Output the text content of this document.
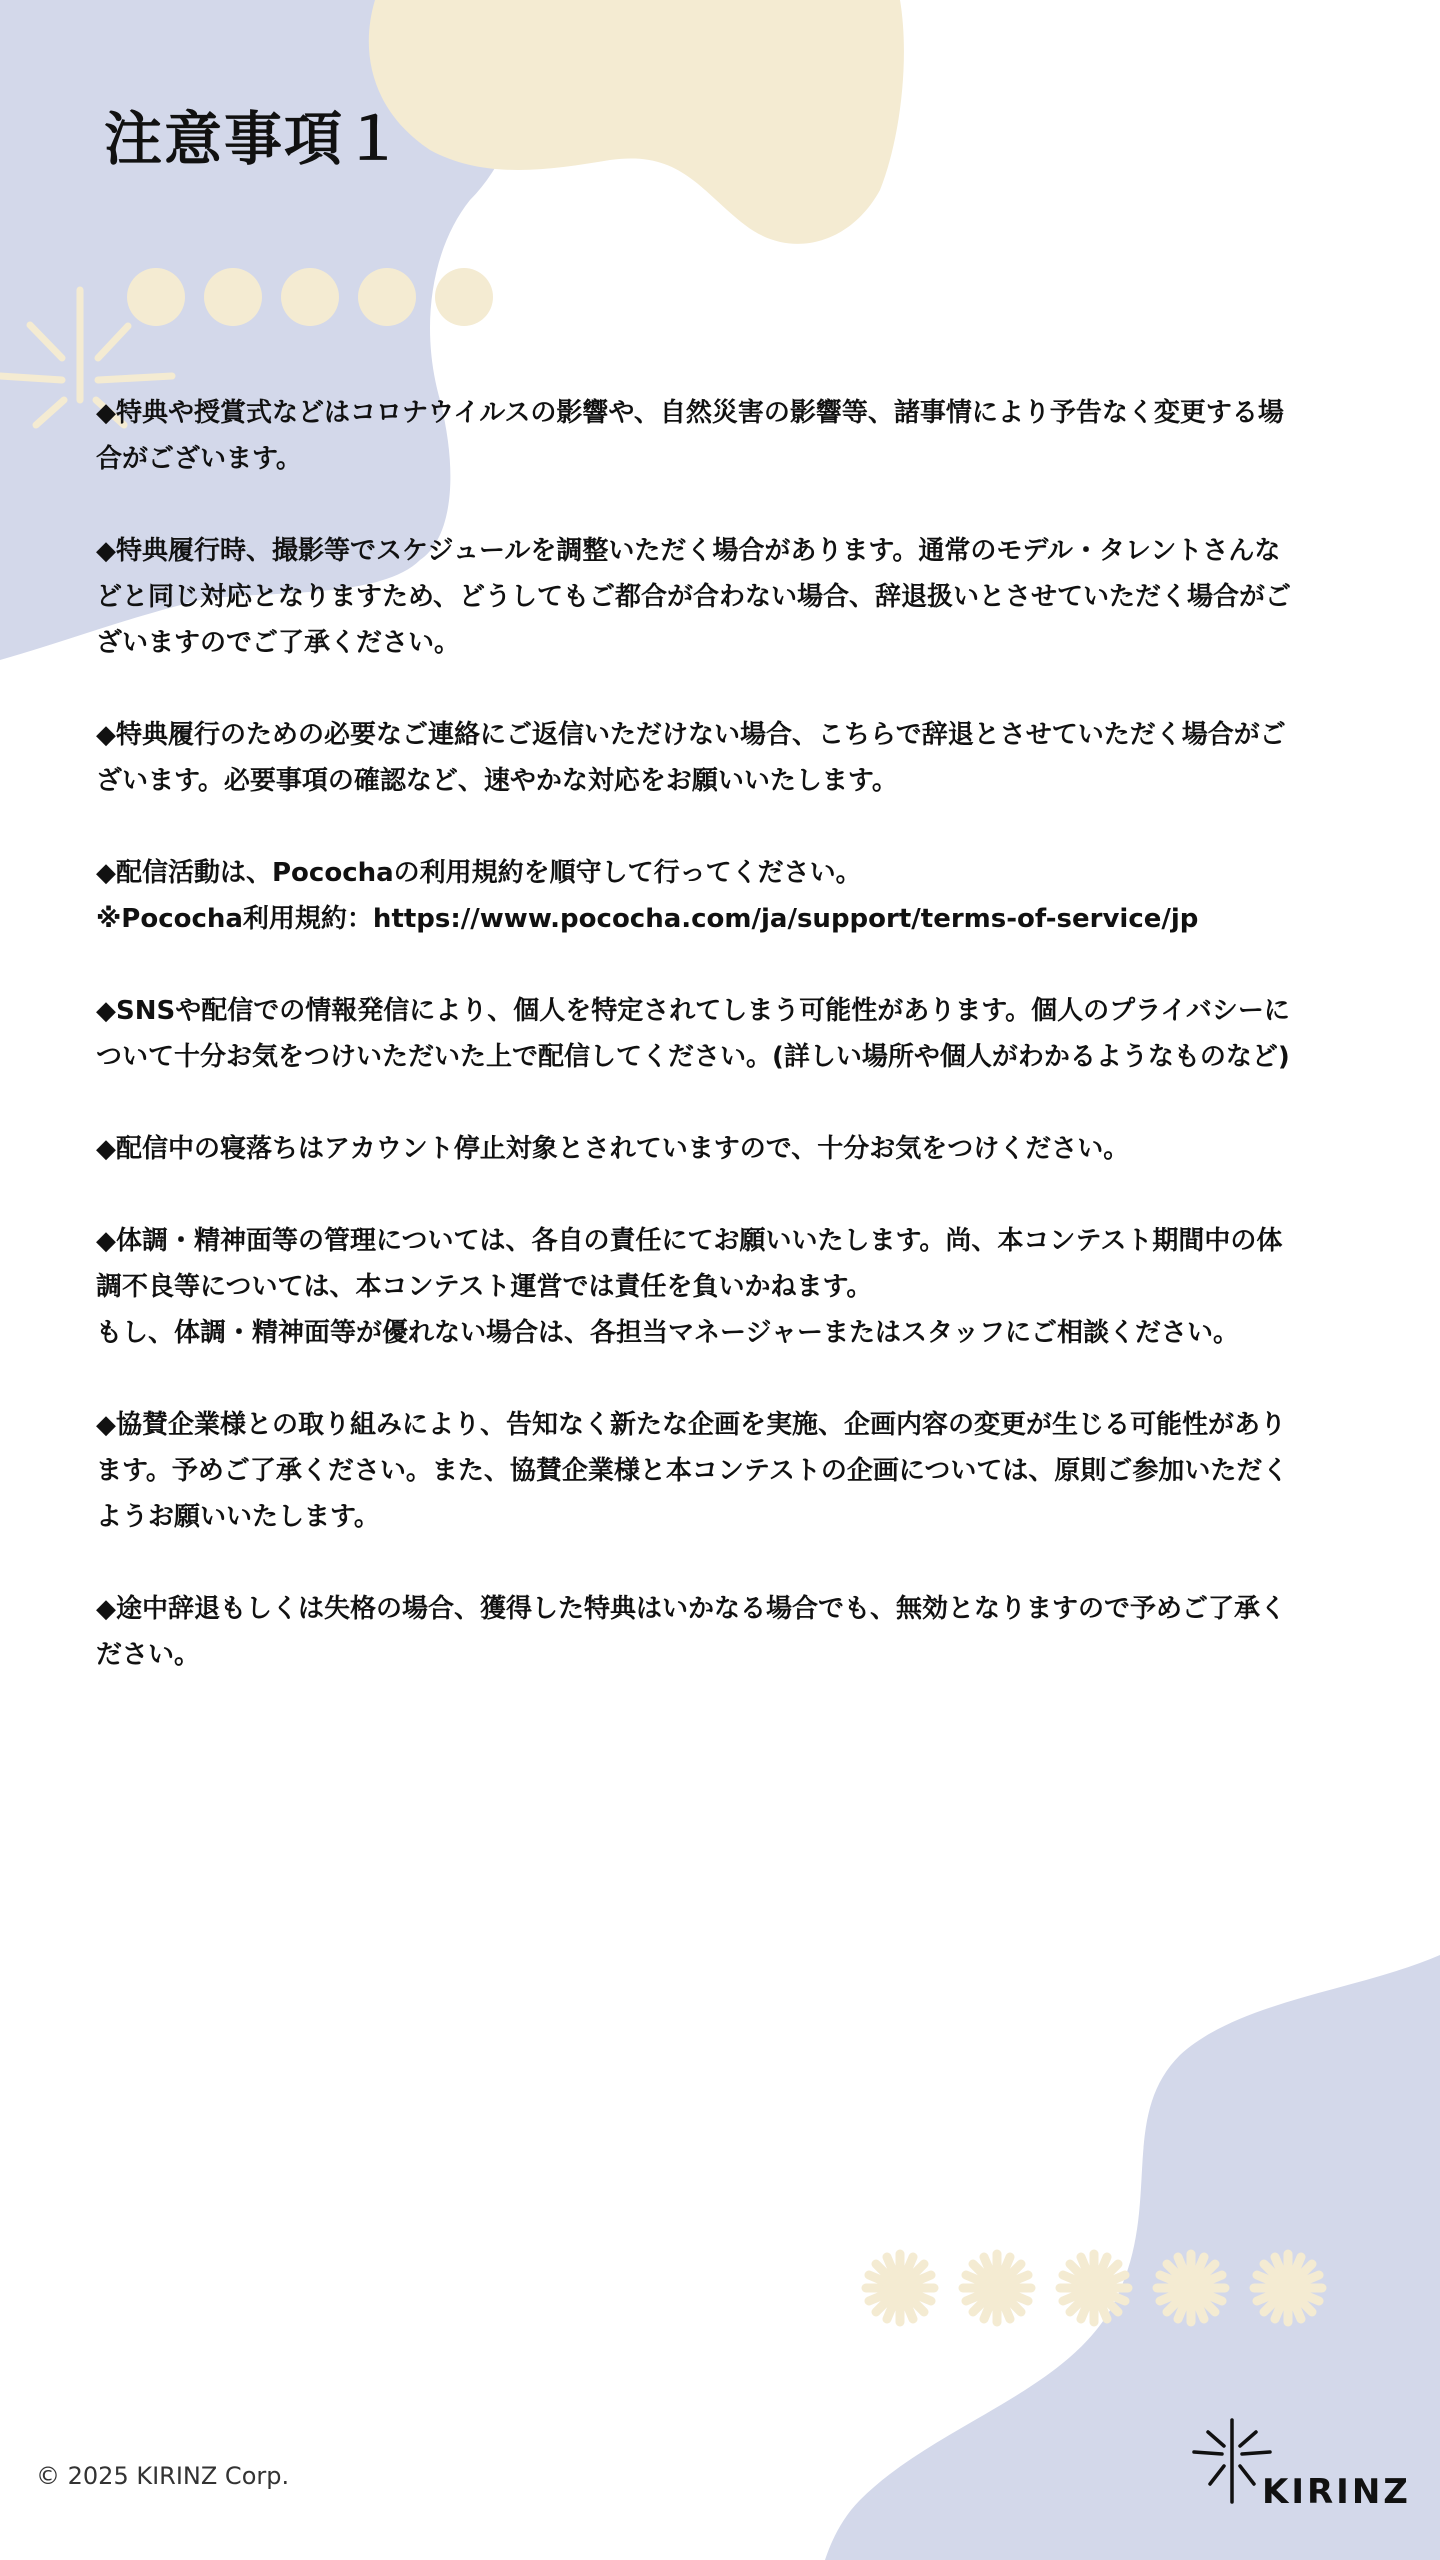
注意事項１

◆特典や授賞式などはコロナウイルスの影響や、自然災害の影響等、諸事情により予告なく変更する場
合がございます。

◆特典履行時、撮影等でスケジュールを調整いただく場合があります。通常のモデル・タレントさんな
どと同じ対応となりますため、どうしてもご都合が合わない場合、辞退扱いとさせていただく場合がご
ざいますのでご了承ください。

◆特典履行のための必要なご連絡にご返信いただけない場合、こちらで辞退とさせていただく場合がご
ざいます。必要事項の確認など、速やかな対応をお願いいたします。

◆配信活動は、Pocochaの利用規約を順守して行ってください。
※Pococha利用規約：https://www.pococha.com/ja/support/terms-of-service/jp

◆SNSや配信での情報発信により、個人を特定されてしまう可能性があります。個人のプライバシーに
ついて十分お気をつけいただいた上で配信してください。(詳しい場所や個人がわかるようなものなど)

◆配信中の寝落ちはアカウント停止対象とされていますので、十分お気をつけください。

◆体調・精神面等の管理については、各自の責任にてお願いいたします。尚、本コンテスト期間中の体
調不良等については、本コンテスト運営では責任を負いかねます。
もし、体調・精神面等が優れない場合は、各担当マネージャーまたはスタッフにご相談ください。

◆協賛企業様との取り組みにより、告知なく新たな企画を実施、企画内容の変更が生じる可能性があり
ます。予めご了承ください。また、協賛企業様と本コンテストの企画については、原則ご参加いただく
ようお願いいたします。

◆途中辞退もしくは失格の場合、獲得した特典はいかなる場合でも、無効となりますので予めご了承く
ださい。

© 2025 KIRINZ Corp.	KIRINZ
